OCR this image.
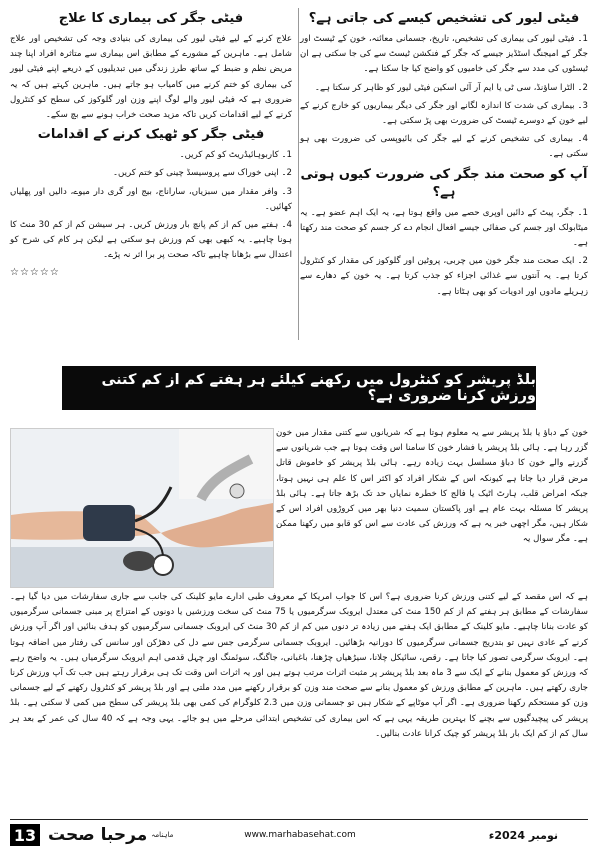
فیٹی لیور کی تشخیص کیسے کی جاتی ہے؟

1۔ فیٹی لیور کی بیماری کی تشخیص، تاریخ، جسمانی معائنہ، خون کے ٹیسٹ اور جگر کے امیجنگ اسٹڈیز جیسے کہ جگر کے فنکشن ٹیسٹ سے کی جا سکتی ہے ان ٹیسٹوں کی مدد سے جگر کی خامیوں کو واضح کیا جا سکتا ہے۔

2۔ الٹرا ساؤنڈ، سی ٹی یا ایم آر آئی اسکین فیٹی لیور کو ظاہر کر سکتا ہے۔

3۔ بیماری کی شدت کا اندازہ لگانے اور جگر کی دیگر بیماریوں کو خارج کرنے کے لیے خون کے دوسرے ٹیسٹ کی ضرورت بھی پڑ سکتی ہے۔

4۔ بیماری کی تشخیص کرنے کے لیے جگر کی بائیوپسی کی ضرورت بھی ہو سکتی ہے۔

آپ کو صحت مند جگر کی ضرورت کیوں ہوتی ہے؟

1۔ جگر، پیٹ کے دائیں اوپری حصے میں واقع ہوتا ہے، یہ ایک اہم عضو ہے۔ یہ میٹابولک اور جسم کی صفائی جیسے افعال انجام دے کر جسم کو صحت مند رکھتا ہے۔

2۔ ایک صحت مند جگر خون میں چربی، پروٹین اور گلوکوز کی مقدار کو کنٹرول کرتا ہے۔ یہ آنتوں سے غذائی اجزاء کو جذب کرتا ہے۔ یہ خون کے دھارے سے زہریلے مادوں اور ادویات کو بھی ہٹاتا ہے۔

فیٹی جگر کی بیماری کا علاج

علاج کرنے کے لیے فیٹی لیور کی بیماری کی بنیادی وجہ کی تشخیص اور علاج شامل ہے۔ ماہرین کے مشورے کے مطابق اس بیماری سے متاثرہ افراد اپنا چند مریض نظم و ضبط کے ساتھ طرز زندگی میں تبدیلیوں کے ذریعے اپنے فیٹی لیور کی بیماری کو ختم کرنے میں کامیاب ہو جاتے ہیں۔ ماہرین کہتے ہیں کہ یہ ضروری ہے کہ فیٹی لیور والے لوگ اپنے وزن اور گلوکوز کی سطح کو کنٹرول کرنے کے لیے اقدامات کریں تاکہ مزید صحت خراب ہونے سے بچ سکے۔

فیٹی جگر کو ٹھیک کرنے کے اقدامات

1۔ کاربوہائیڈریٹ کو کم کریں۔

2۔ اپنی خوراک سے پروسیسڈ چینی کو ختم کریں۔

3۔ وافر مقدار میں سبزیاں، ساراناج، بیج اور گری دار میوے، دالیں اور پھلیاں کھائیں۔

4۔ ہفتے میں کم از کم پانچ بار ورزش کریں۔ ہر سیشن کم از کم 30 منٹ کا ہونا چاہیے۔ یہ کبھی بھی کم ورزش ہو سکتی ہے لیکن ہر کام کی شرح کو اعتدال سے بڑھانا چاہیے تاکہ صحت پر برا اثر نہ پڑے۔

☆☆☆☆☆
بلڈ پریشر کو کنٹرول میں رکھنے کیلئے ہر ہفتے کم از کم کتنی ورزش کرنا ضروری ہے؟

خون کے دباؤ یا بلڈ پریشر سے یہ معلوم ہوتا ہے کہ شریانوں سے کتنی مقدار میں خون گزر رہا ہے۔ ہائی بلڈ پریشر یا فشار خون کا سامنا اس وقت ہوتا ہے جب شریانوں سے گزرنے والے خون کا دباؤ مسلسل بہت زیادہ رہے۔ ہائی بلڈ پریشر کو خاموش قاتل مرض قرار دیا جاتا ہے کیونکہ اس کے شکار افراد کو اکثر اس کا علم ہی نہیں ہوتا، جبکہ امراض قلب، ہارٹ اٹیک یا فالج کا خطرہ نمایاں حد تک بڑھ جاتا ہے۔ ہائی بلڈ پریشر کا مسئلہ بہت عام ہے اور پاکستان سمیت دنیا بھر میں کروڑوں افراد اس کے شکار ہیں، مگر اچھی خبر یہ ہے کہ ورزش کی عادت سے اس کو قابو میں رکھنا ممکن ہے۔ مگر سوال یہ

ہے کہ اس مقصد کے لیے کتنی ورزش کرنا ضروری ہے؟ اس کا جواب امریکا کے معروف طبی ادارے مایو کلینک کی جانب سے جاری سفارشات میں دیا گیا ہے۔ سفارشات کے مطابق ہر ہفتے کم از کم 150 منٹ کی معتدل ایروبک سرگرمیوں یا 75 منٹ کی سخت ورزشیں یا دونوں کے امتزاج پر مبنی جسمانی سرگرمیوں کو عادت بنانا چاہیے۔ مایو کلینک کے مطابق ایک ہفتے میں زیادہ تر دنوں میں کم از کم 30 منٹ کی ایروبک جسمانی سرگرمیوں کو ہدف بنائیں اور اگر آپ ورزش کرنے کے عادی نہیں تو بتدریج جسمانی سرگرمیوں کا دورانیہ بڑھائیں۔ ایروبک جسمانی سرگرمی جس سے دل کی دھڑکن اور سانس کی رفتار میں اضافہ ہوتا ہے۔ ایروبک سرگرمی تصور کیا جاتا ہے۔ رقص، سائیکل چلانا، سیڑھیاں چڑھنا، باغبانی، جاگنگ، سوئمنگ اور چہل قدمی اہم ایروبک سرگرمیاں ہیں۔ یہ واضح رہے کہ ورزش کو معمول بنانے کے ایک سے 3 ماہ بعد بلڈ پریشر پر مثبت اثرات مرتب ہوتے ہیں اور یہ اثرات اس وقت تک ہی برقرار رہتے ہیں جب تک آپ ورزش کرنا جاری رکھتے ہیں۔ ماہرین کے مطابق ورزش کو معمول بنانے سے صحت مند وزن کو برقرار رکھنے میں مدد ملتی ہے اور بلڈ پریشر کو کنٹرول رکھنے کے لیے جسمانی وزن کو مستحکم رکھنا ضروری ہے۔ اگر آپ موٹاپے کے شکار ہیں تو جسمانی وزن میں 2.3 کلوگرام کی کمی بھی بلڈ پریشر کی سطح میں کمی لا سکتی ہے۔ بلڈ پریشر کی پیچیدگیوں سے بچنے کا بہترین طریقہ یہی ہے کہ اس بیماری کی تشخیص ابتدائی مرحلے میں ہو جائے۔ یہی وجہ ہے کہ 40 سال کی عمر کے بعد ہر سال کم از کم ایک بار بلڈ پریشر کو چیک کرانا عادت بنالیں۔

13 مرحبا صحت ماہنامہ	www.marhabasehat.com	نومبر 2024ء
